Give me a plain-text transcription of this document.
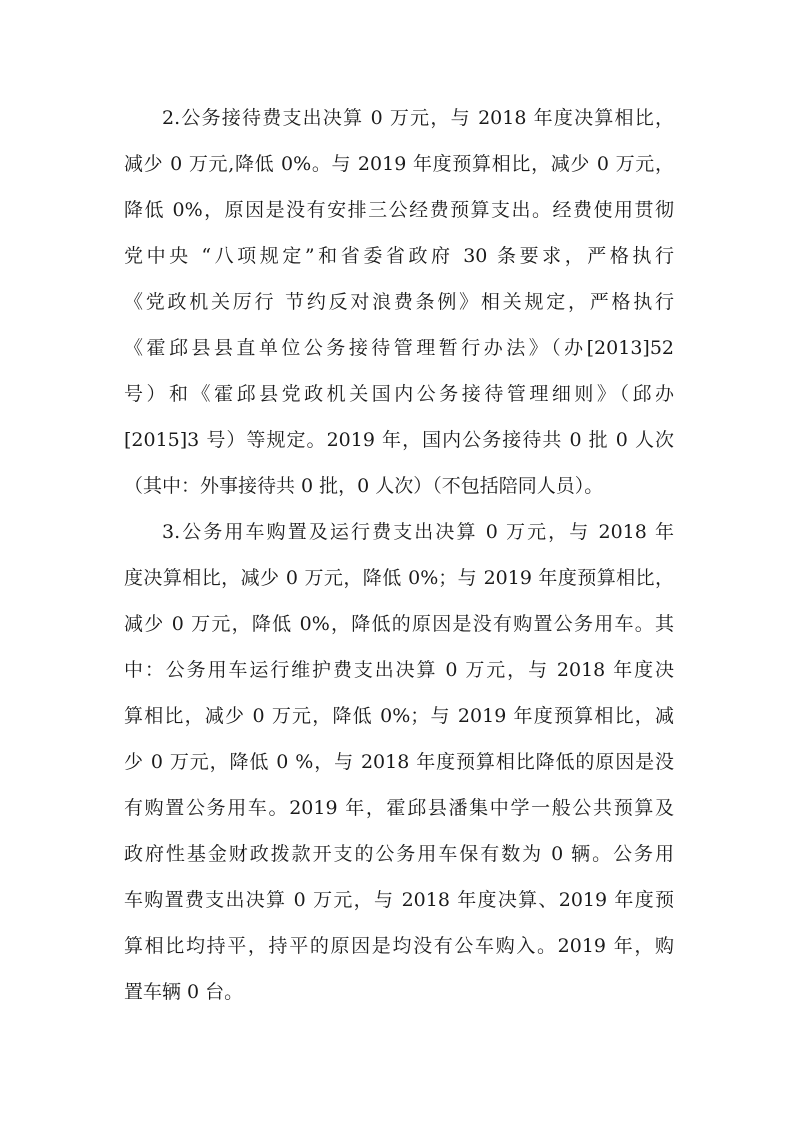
2.公务接待费支出决算 0 万元，与 2018 年度决算相比，
减少 0 万元,降低 0%。与 2019 年度预算相比，减少 0 万元，
降低 0%，原因是没有安排三公经费预算支出。经费使用贯彻
党中央 “八项规定”和省委省政府 30 条要求，严格执行
《党政机关厉行 节约反对浪费条例》相关规定，严格执行
《霍邱县县直单位公务接待管理暂行办法》（办[2013]52
号）和《霍邱县党政机关国内公务接待管理细则》（邱办
[2015]3 号）等规定。2019 年，国内公务接待共 0 批 0 人次
（其中：外事接待共 0 批，0 人次）（不包括陪同人员）。
3.公务用车购置及运行费支出决算 0 万元，与 2018 年
度决算相比，减少 0 万元，降低 0%；与 2019 年度预算相比，
减少 0 万元，降低 0%，降低的原因是没有购置公务用车。其
中：公务用车运行维护费支出决算 0 万元，与 2018 年度决
算相比，减少 0 万元，降低 0%；与 2019 年度预算相比，减
少 0 万元，降低 0 %，与 2018 年度预算相比降低的原因是没
有购置公务用车。2019 年，霍邱县潘集中学一般公共预算及
政府性基金财政拨款开支的公务用车保有数为 0 辆。公务用
车购置费支出决算 0 万元，与 2018 年度决算、2019 年度预
算相比均持平，持平的原因是均没有公车购入。2019 年，购
置车辆 0 台。
